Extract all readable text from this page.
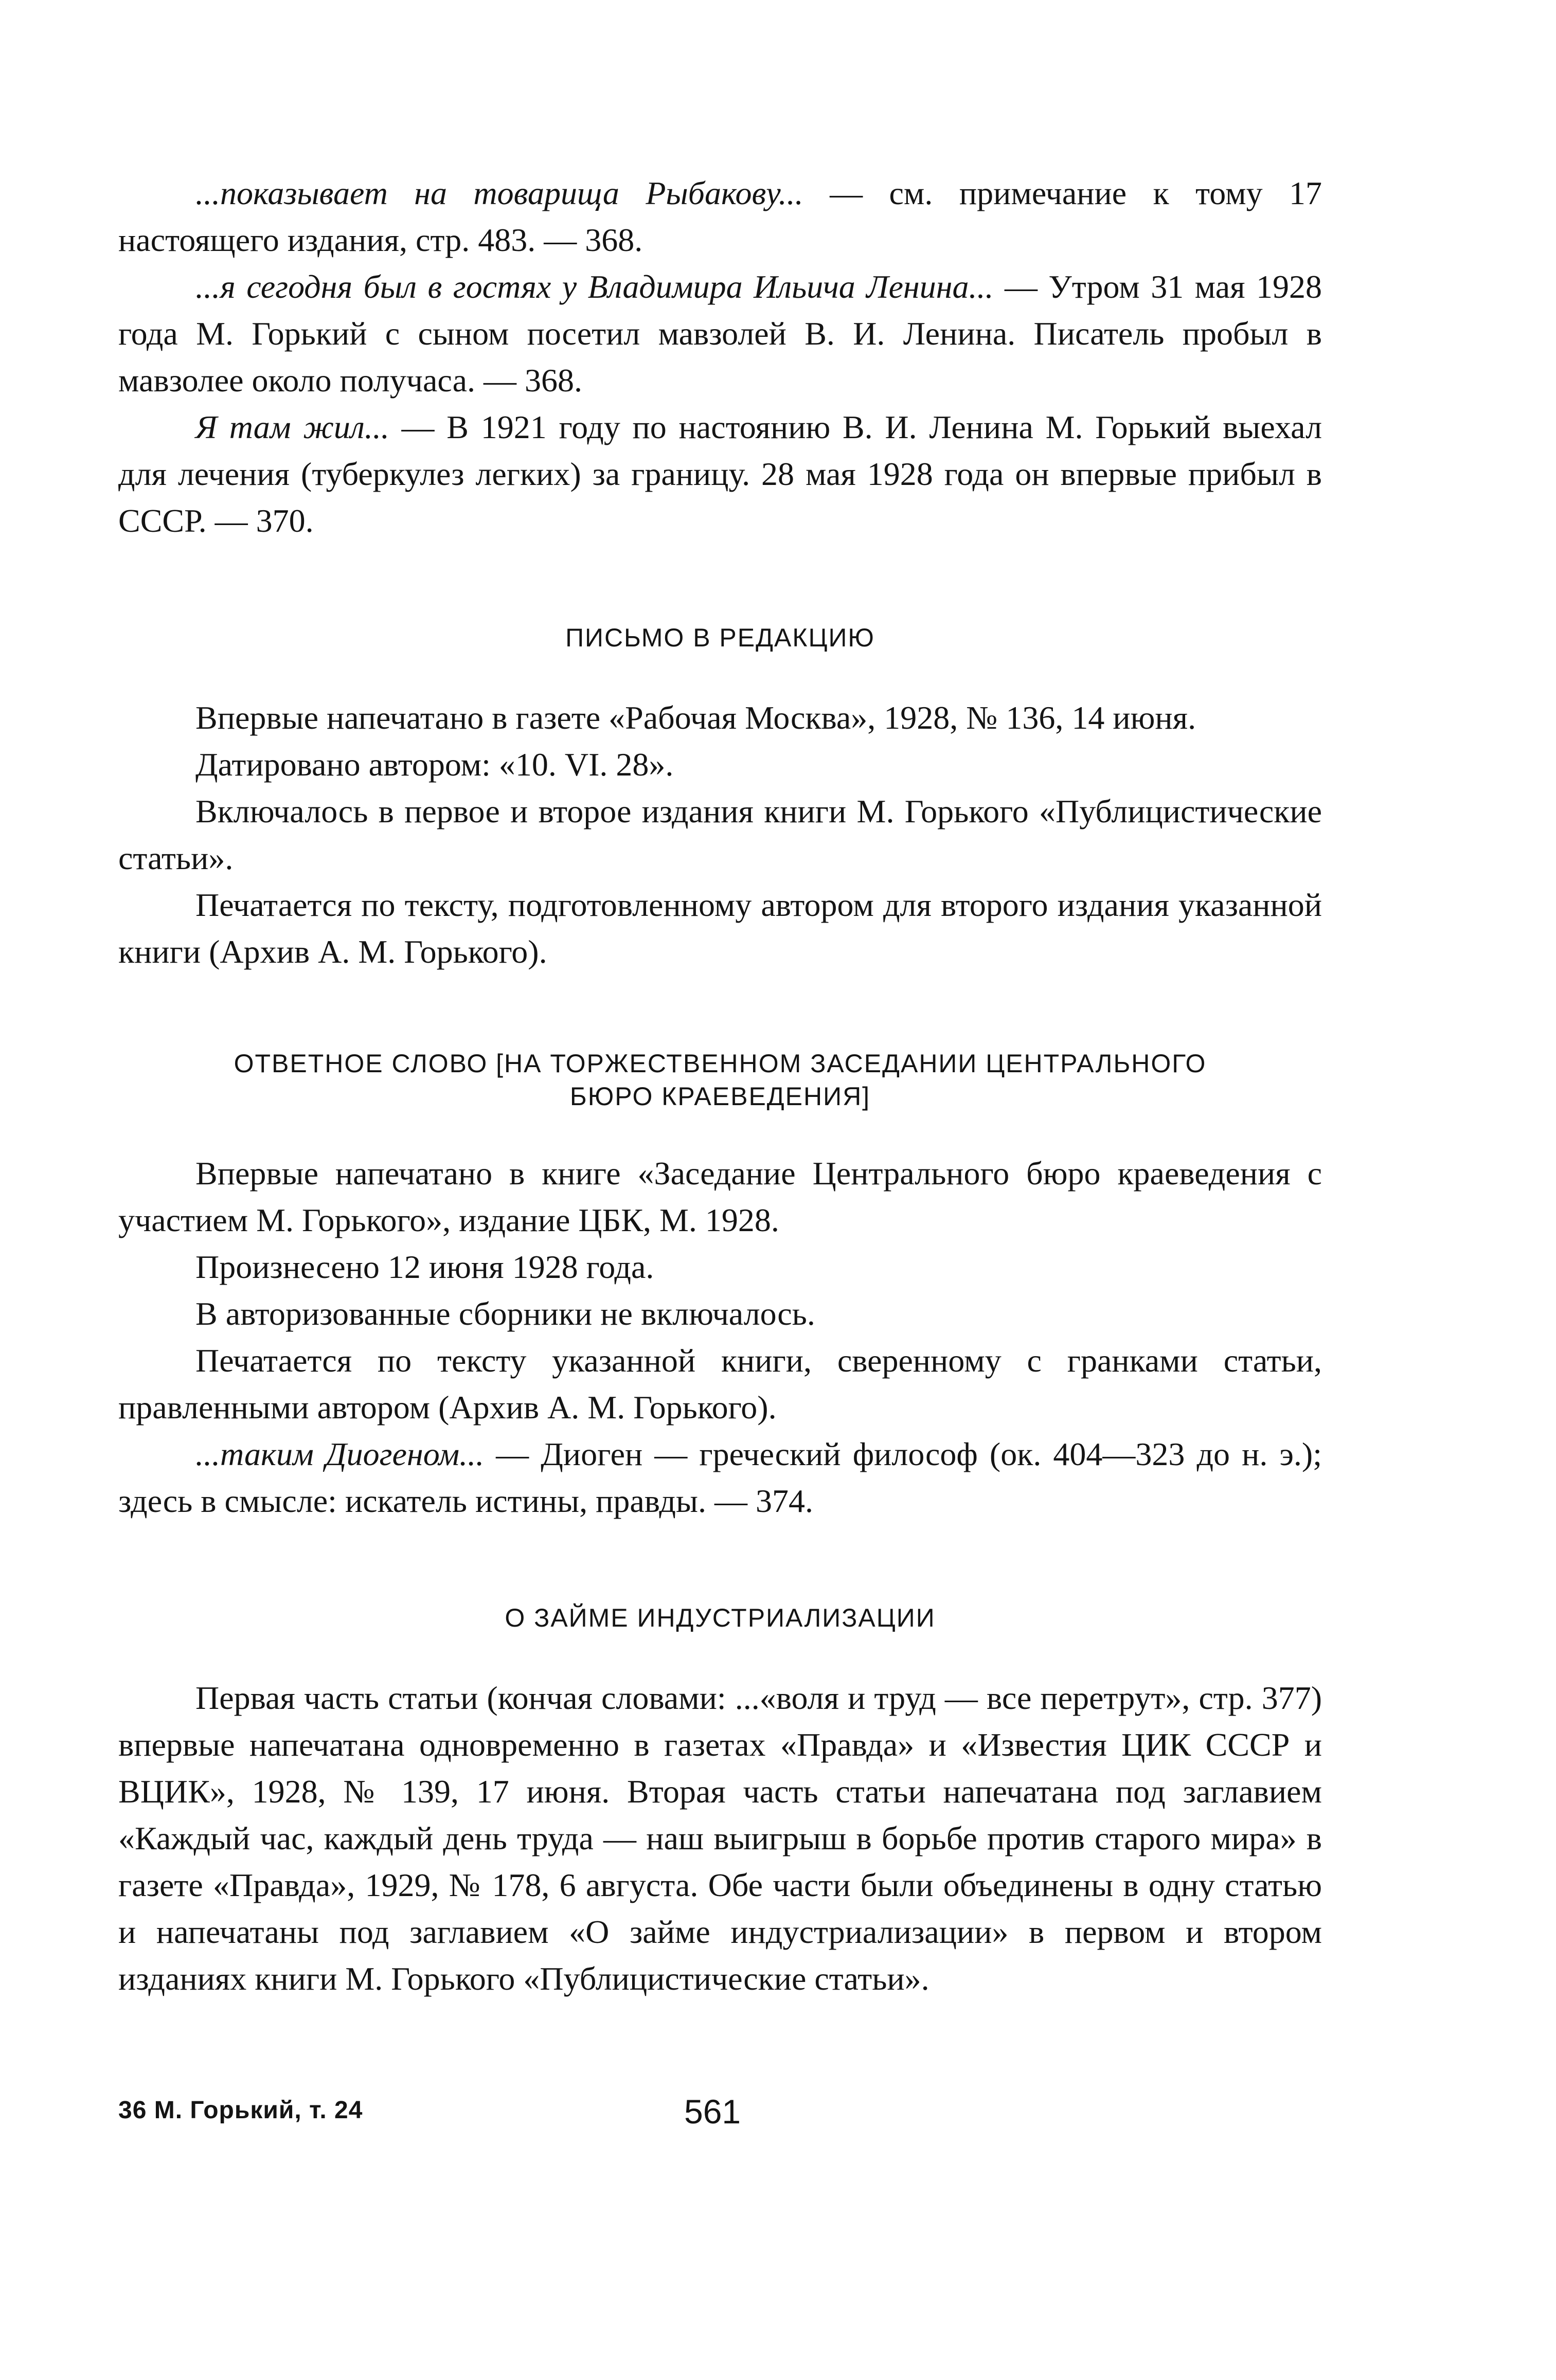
...показывает на товарища Рыбакову... — см. примечание к тому 17 настоящего издания, стр. 483. — 368.

...я сегодня был в гостях у Владимира Ильича Ленина... — Утром 31 мая 1928 года М. Горький с сыном посетил мавзолей В. И. Ленина. Писатель пробыл в мавзолее около получаса. — 368.

Я там жил... — В 1921 году по настоянию В. И. Ленина М. Горький выехал для лечения (туберкулез легких) за границу. 28 мая 1928 года он впервые прибыл в СССР. — 370.

ПИСЬМО В РЕДАКЦИЮ

Впервые напечатано в газете «Рабочая Москва», 1928, № 136, 14 июня.

Датировано автором: «10. VI. 28».

Включалось в первое и второе издания книги М. Горького «Публицистические статьи».

Печатается по тексту, подготовленному автором для второго издания указанной книги (Архив А. М. Горького).

ОТВЕТНОЕ СЛОВО [НА ТОРЖЕСТВЕННОМ ЗАСЕДАНИИ ЦЕНТРАЛЬНОГО
БЮРО КРАЕВЕДЕНИЯ]

Впервые напечатано в книге «Заседание Центрального бюро краеведения с участием М. Горького», издание ЦБК, М. 1928.

Произнесено 12 июня 1928 года.

В авторизованные сборники не включалось.

Печатается по тексту указанной книги, сверенному с гранками статьи, правленными автором (Архив А. М. Горького).

...таким Диогеном... — Диоген — греческий философ (ок. 404—323 до н. э.); здесь в смысле: искатель истины, правды. — 374.

О ЗАЙМЕ ИНДУСТРИАЛИЗАЦИИ

Первая часть статьи (кончая словами: ...«воля и труд — все перетрут», стр. 377) впервые напечатана одновременно в газетах «Правда» и «Известия ЦИК СССР и ВЦИК», 1928, № 139, 17 июня. Вторая часть статьи напечатана под заглавием «Каждый час, каждый день труда — наш выигрыш в борьбе против старого мира» в газете «Правда», 1929, № 178, 6 августа. Обе части были объединены в одну статью и напечатаны под заглавием «О займе индустриализации» в первом и втором изданиях книги М. Горького «Публицистические статьи».

36 М. Горький, т. 24	561
